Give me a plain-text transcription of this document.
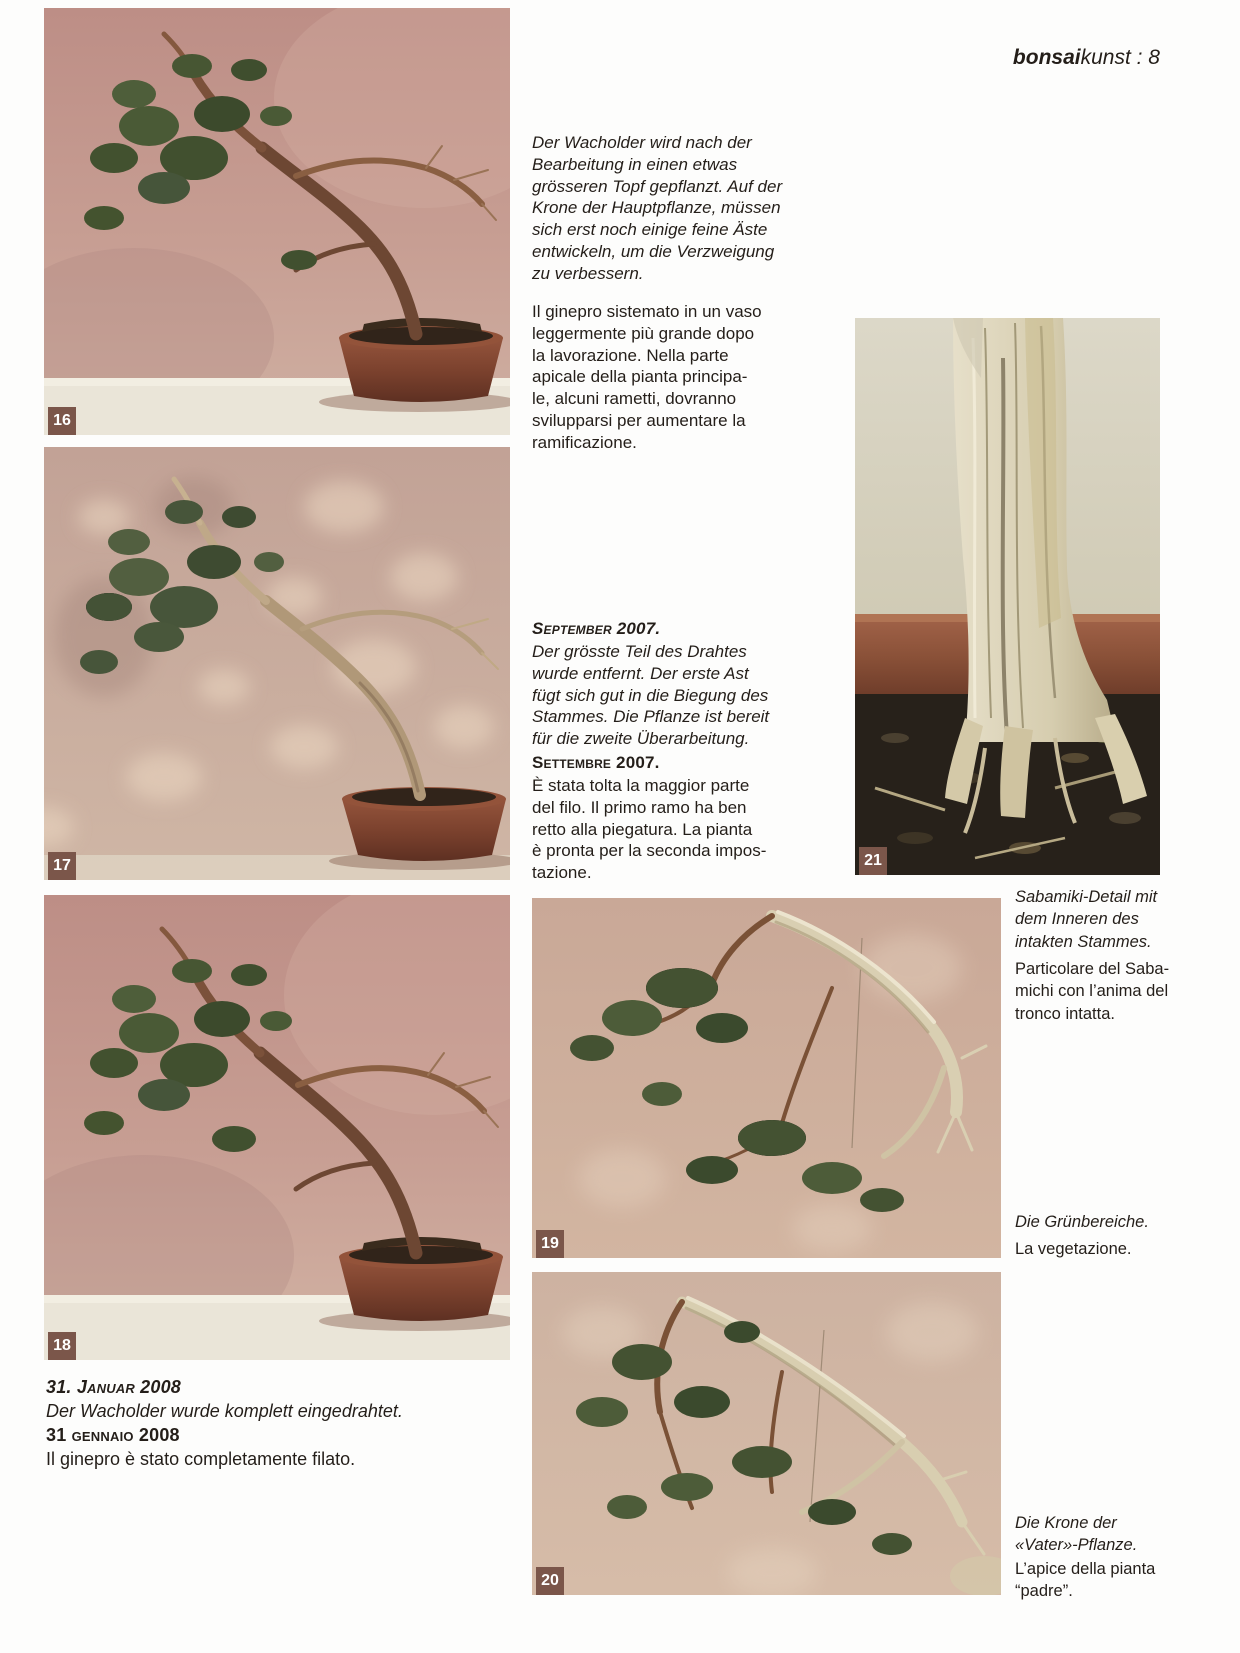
bonsaikunst : 8
16
17
18
19
20
21
Der Wacholder wird nach der
Bearbeitung in einen etwas
grösseren Topf gepflanzt. Auf der
Krone der Hauptpflanze, müssen
sich erst noch einige feine Äste
entwickeln, um die Verzweigung
zu verbessern.
Il ginepro sistemato in un vaso
leggermente più grande dopo
la lavorazione. Nella parte
apicale della pianta principa-
le, alcuni rametti, dovranno
svilupparsi per aumentare la
ramificazione.
September 2007.
Der grösste Teil des Drahtes
wurde entfernt. Der erste Ast
fügt sich gut in die Biegung des
Stammes. Die Pflanze ist bereit
für die zweite Überarbeitung.
Settembre 2007.
È stata tolta la maggior parte
del filo. Il primo ramo ha ben
retto alla piegatura. La pianta
è pronta per la seconda impos-
tazione.
31. Januar 2008
Der Wacholder wurde komplett eingedrahtet.
31 gennaio 2008
Il ginepro è stato completamente filato.
Sabamiki-Detail mit
dem Inneren des
intakten Stammes.
Particolare del Saba-
michi con l’anima del
tronco intatta.
Die Grünbereiche.
La vegetazione.
Die Krone der
«Vater»-Pflanze.
L’apice della pianta
“padre”.
